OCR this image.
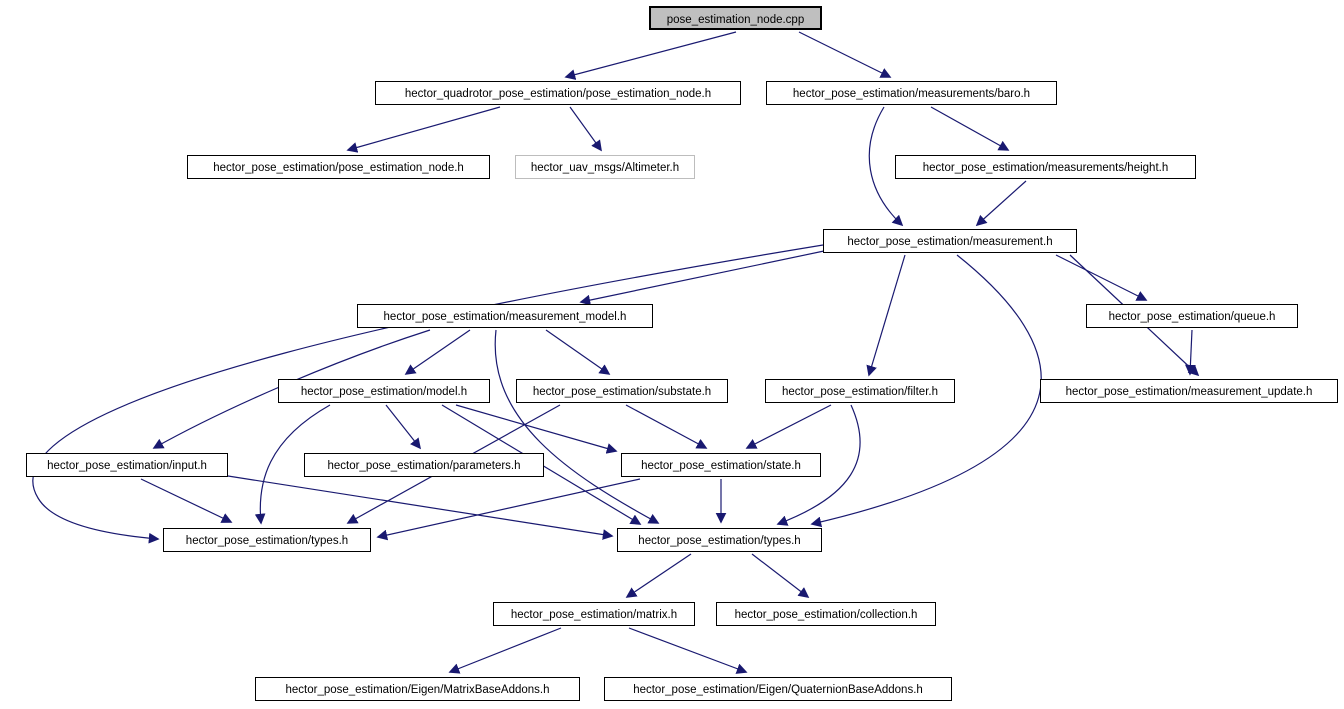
pose_estimation_node.cpp
hector_quadrotor_pose_estimation/pose_estimation_node.h	hector_pose_estimation/measurements/baro.h
hector_pose_estimation/pose_estimation_node.h	hector_uav_msgs/Altimeter.h	hector_pose_estimation/measurements/height.h
hector_pose_estimation/measurement.h
hector_pose_estimation/measurement_model.h	hector_pose_estimation/queue.h
hector_pose_estimation/model.h	hector_pose_estimation/substate.h	hector_pose_estimation/filter.h	hector_pose_estimation/measurement_update.h
hector_pose_estimation/input.h	hector_pose_estimation/parameters.h	hector_pose_estimation/state.h
hector_pose_estimation/types.h	hector_pose_estimation/types.h
hector_pose_estimation/matrix.h	hector_pose_estimation/collection.h
hector_pose_estimation/Eigen/MatrixBaseAddons.h	hector_pose_estimation/Eigen/QuaternionBaseAddons.h
